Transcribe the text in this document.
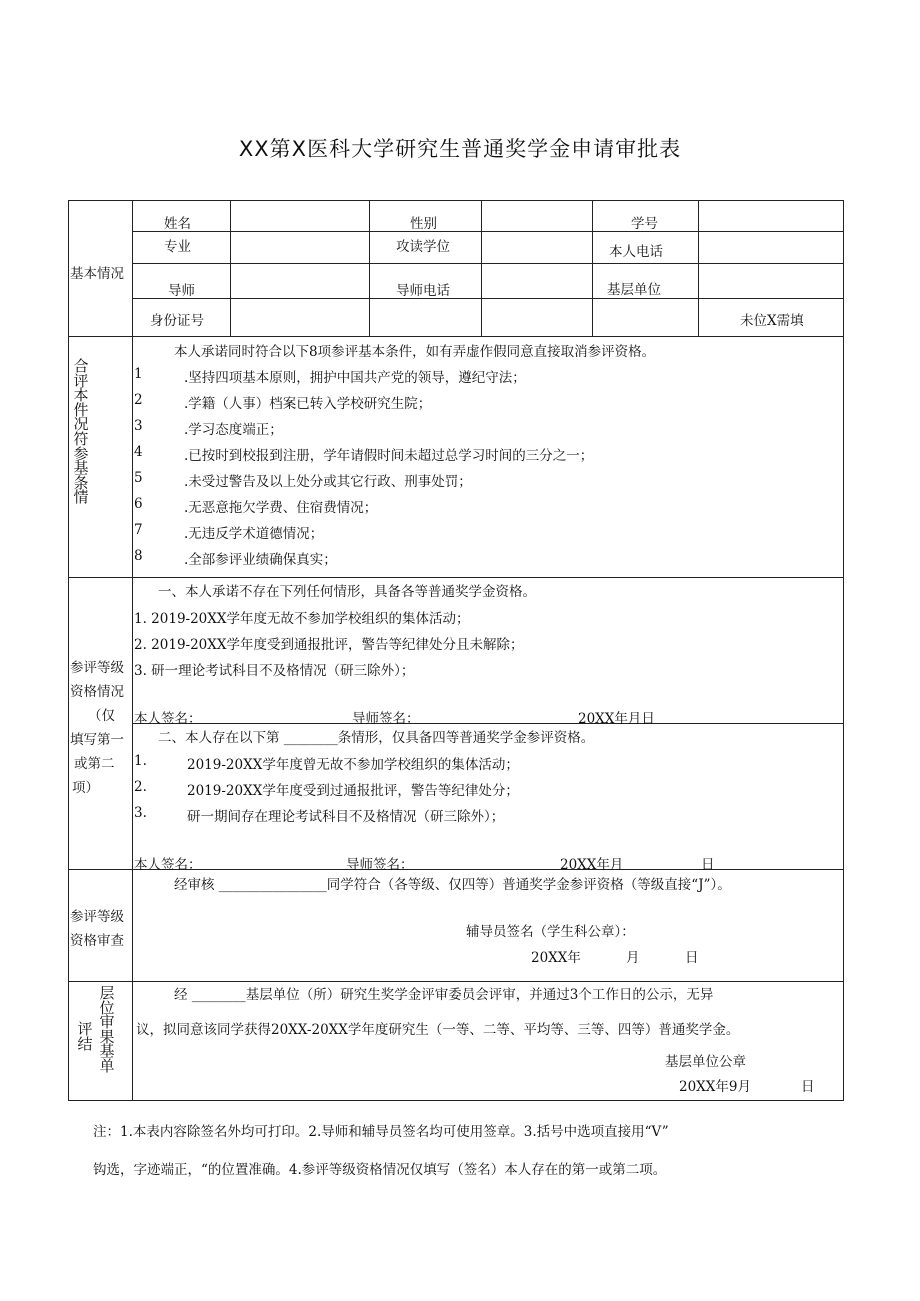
XX第X医科大学研究生普通奖学金申请审批表
基本情况
姓名	性别	学号
专业	攻读学位	本人电话
导师	导师电话	基层单位
身份证号	未位X需填
合评本件况符参基条情
本人承诺同时符合以下8项参评基本条件，如有弄虚作假同意直接取消参评资格。
1	.坚持四项基本原则，拥护中国共产党的领导，遵纪守法；
2	.学籍（人事）档案已转入学校研究生院；
3	.学习态度端正；
4	.已按时到校报到注册，学年请假时间未超过总学习时间的三分之一；
5	.未受过警告及以上处分或其它行政、刑事处罚；
6	.无恶意拖欠学费、住宿费情况；
7	.无违反学术道德情况；
8	.全部参评业绩确保真实；
参评等级
资格情况
（仅
填写第一
或第二
项）
一、本人承诺不存在下列任何情形，具备各等普通奖学金资格。
1. 2019-20XX学年度无故不参加学校组织的集体活动；
2. 2019-20XX学年度受到通报批评，警告等纪律处分且未解除；
3. 研一理论考试科目不及格情况（研三除外）；
本人签名：	导师签名：	20XX年月日
二、本人存在以下第 ________条情形，仅具备四等普通奖学金参评资格。
1.	2019-20XX学年度曾无故不参加学校组织的集体活动；
2.	2019-20XX学年度受到过通报批评，警告等纪律处分；
3.	研一期间存在理论考试科目不及格情况（研三除外）；
本人签名：	导师签名：	20XX年月	日
参评等级
资格审查
经审核 ________________同学符合（各等级、仅四等）普通奖学金参评资格（等级直接“J”）。
辅导员签名（学生科公章）：
20XX年	月	日
层位审果基单
评结
经 ________基层单位（所）研究生奖学金评审委员会评审，并通过3个工作日的公示，无异
议，拟同意该同学获得20XX-20XX学年度研究生（一等、二等、平均等、三等、四等）普通奖学金。
基层单位公章
20XX年9月	日
注：1.本表内容除签名外均可打印。2.导师和辅导员签名均可使用签章。3.括号中选项直接用“V”
钩选，字迹端正，“的位置准确。4.参评等级资格情况仅填写（签名）本人存在的第一或第二项。
